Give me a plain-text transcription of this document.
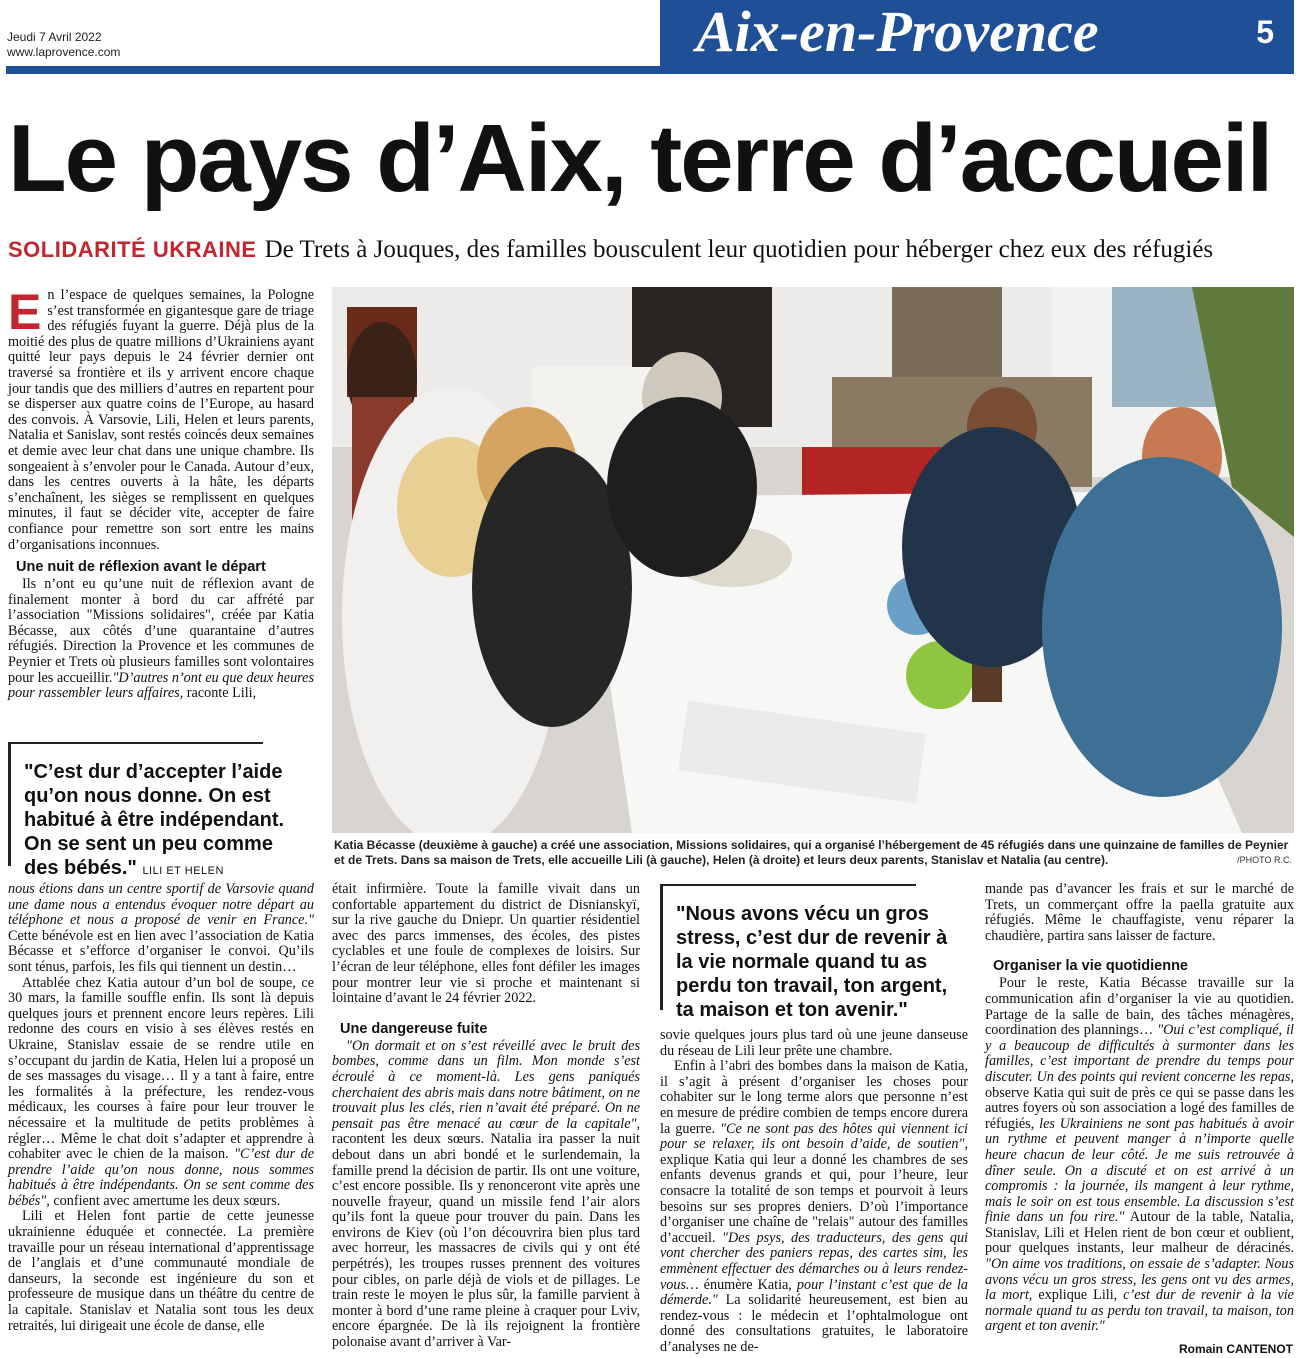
Jeudi 7 Avril 2022
www.laprovence.com	Aix-en-Provence	5
Le pays d’Aix, terre d’accueil
SOLIDARITÉ UKRAINE De Trets à Jouques, des familles bousculent leur quotidien pour héberger chez eux des réfugiés

En l’espace de quelques semaines, la Pologne s’est transformée en gigantesque gare de triage des réfugiés fuyant la guerre. Déjà plus de la moitié des plus de quatre millions d’Ukrainiens ayant quitté leur pays depuis le 24 février dernier ont traversé sa frontière et ils y arrivent encore chaque jour tandis que des milliers d’autres en repartent pour se disperser aux quatre coins de l’Europe, au hasard des convois. À Varsovie, Lili, Helen et leurs parents, Natalia et Sanislav, sont restés coincés deux semaines et demie avec leur chat dans une unique chambre. Ils songeaient à s’envoler pour le Canada. Autour d’eux, dans les centres ouverts à la hâte, les départs s’enchaînent, les sièges se remplissent en quelques minutes, il faut se décider vite, accepter de faire confiance pour remettre son sort entre les mains d’organisations inconnues.

Une nuit de réflexion avant le départ

Ils n’ont eu qu’une nuit de réflexion avant de finalement monter à bord du car affrété par l’association "Missions solidaires", créée par Katia Bécasse, aux côtés d’une quarantaine d’autres réfugiés. Direction la Provence et les communes de Peynier et Trets où plusieurs familles sont volontaires pour les accueillir."D’autres n’ont eu que deux heures pour rassembler leurs affaires, raconte Lili,

"C’est dur d’accepter l’aide qu’on nous donne. On est habitué à être indépendant. On se sent un peu comme des bébés." LILI ET HELEN
Katia Bécasse (deuxième à gauche) a créé une association, Missions solidaires, qui a organisé l’hébergement de 45 réfugiés dans une quinzaine de familles de Peynier et de Trets. Dans sa maison de Trets, elle accueille Lili (à gauche), Helen (à droite) et leurs deux parents, Stanislav et Natalia (au centre).	/PHOTO R.C.

nous étions dans un centre sportif de Varsovie quand une dame nous a entendus évoquer notre départ au téléphone et nous a proposé de venir en France." Cette bénévole est en lien avec l’association de Katia Bécasse et s’efforce d’organiser le convoi. Qu’ils sont ténus, parfois, les fils qui tiennent un destin…

Attablée chez Katia autour d’un bol de soupe, ce 30 mars, la famille souffle enfin. Ils sont là depuis quelques jours et prennent encore leurs repères. Lili redonne des cours en visio à ses élèves restés en Ukraine, Stanislav essaie de se rendre utile en s’occupant du jardin de Katia, Helen lui a proposé un de ses massages du visage… Il y a tant à faire, entre les formalités à la préfecture, les rendez-vous médicaux, les courses à faire pour leur trouver le nécessaire et la multitude de petits problèmes à régler… Même le chat doit s’adapter et apprendre à cohabiter avec le chien de la maison. "C’est dur de prendre l’aide qu’on nous donne, nous sommes habitués à être indépendants. On se sent comme des bébés", confient avec amertume les deux sœurs.

Lili et Helen font partie de cette jeunesse ukrainienne éduquée et connectée. La première travaille pour un réseau international d’apprentissage de l’anglais et d’une communauté mondiale de danseurs, la seconde est ingénieure du son et professeure de musique dans un théâtre du centre de la capitale. Stanislav et Natalia sont tous les deux retraités, lui dirigeait une école de danse, elle

était infirmière. Toute la famille vivait dans un confortable appartement du district de Disnianskyï, sur la rive gauche du Dniepr. Un quartier résidentiel avec des parcs immenses, des écoles, des pistes cyclables et une foule de complexes de loisirs. Sur l’écran de leur téléphone, elles font défiler les images pour montrer leur vie si proche et maintenant si lointaine d’avant le 24 février 2022.

Une dangereuse fuite

"On dormait et on s’est réveillé avec le bruit des bombes, comme dans un film. Mon monde s’est écroulé à ce moment-là. Les gens paniqués cherchaient des abris mais dans notre bâtiment, on ne trouvait plus les clés, rien n’avait été préparé. On ne pensait pas être menacé au cœur de la capitale", racontent les deux sœurs. Natalia ira passer la nuit debout dans un abri bondé et le surlendemain, la famille prend la décision de partir. Ils ont une voiture, c’est encore possible. Ils y renonceront vite après une nouvelle frayeur, quand un missile fend l’air alors qu’ils font la queue pour trouver du pain. Dans les environs de Kiev (où l’on découvrira bien plus tard avec horreur, les massacres de civils qui y ont été perpétrés), les troupes russes prennent des voitures pour cibles, on parle déjà de viols et de pillages. Le train reste le moyen le plus sûr, la famille parvient à monter à bord d’une rame pleine à craquer pour Lviv, encore épargnée. De là ils rejoignent la frontière polonaise avant d’arriver à Var-

"Nous avons vécu un gros stress, c’est dur de revenir à la vie normale quand tu as perdu ton travail, ton argent, ta maison et ton avenir."

sovie quelques jours plus tard où une jeune danseuse du réseau de Lili leur prête une chambre.

Enfin à l’abri des bombes dans la maison de Katia, il s’agit à présent d’organiser les choses pour cohabiter sur le long terme alors que personne n’est en mesure de prédire combien de temps encore durera la guerre. "Ce ne sont pas des hôtes qui viennent ici pour se relaxer, ils ont besoin d’aide, de soutien", explique Katia qui leur a donné les chambres de ses enfants devenus grands et qui, pour l’heure, leur consacre la totalité de son temps et pourvoit à leurs besoins sur ses propres deniers. D’où l’importance d’organiser une chaîne de "relais" autour des familles d’accueil. "Des psys, des traducteurs, des gens qui vont chercher des paniers repas, des cartes sim, les emmènent effectuer des démarches ou à leurs rendez-vous… énumère Katia, pour l’instant c’est que de la démerde." La solidarité heureusement, est bien au rendez-vous : le médecin et l’ophtalmologue ont donné des consultations gratuites, le laboratoire d’analyses ne de-

mande pas d’avancer les frais et sur le marché de Trets, un commerçant offre la paella gratuite aux réfugiés. Même le chauffagiste, venu réparer la chaudière, partira sans laisser de facture.

Organiser la vie quotidienne

Pour le reste, Katia Bécasse travaille sur la communication afin d’organiser la vie au quotidien. Partage de la salle de bain, des tâches ménagères, coordination des plannings… "Oui c’est compliqué, il y a beaucoup de difficultés à surmonter dans les familles, c’est important de prendre du temps pour discuter. Un des points qui revient concerne les repas, observe Katia qui suit de près ce qui se passe dans les autres foyers où son association a logé des familles de réfugiés, les Ukrainiens ne sont pas habitués à avoir un rythme et peuvent manger à n’importe quelle heure chacun de leur côté. Je me suis retrouvée à dîner seule. On a discuté et on est arrivé à un compromis : la journée, ils mangent à leur rythme, mais le soir on est tous ensemble. La discussion s’est finie dans un fou rire." Autour de la table, Natalia, Stanislav, Lili et Helen rient de bon cœur et oublient, pour quelques instants, leur malheur de déracinés. "On aime vos traditions, on essaie de s’adapter. Nous avons vécu un gros stress, les gens ont vu des armes, la mort, explique Lili, c’est dur de revenir à la vie normale quand tu as perdu ton travail, ta maison, ton argent et ton avenir."

Romain CANTENOT
